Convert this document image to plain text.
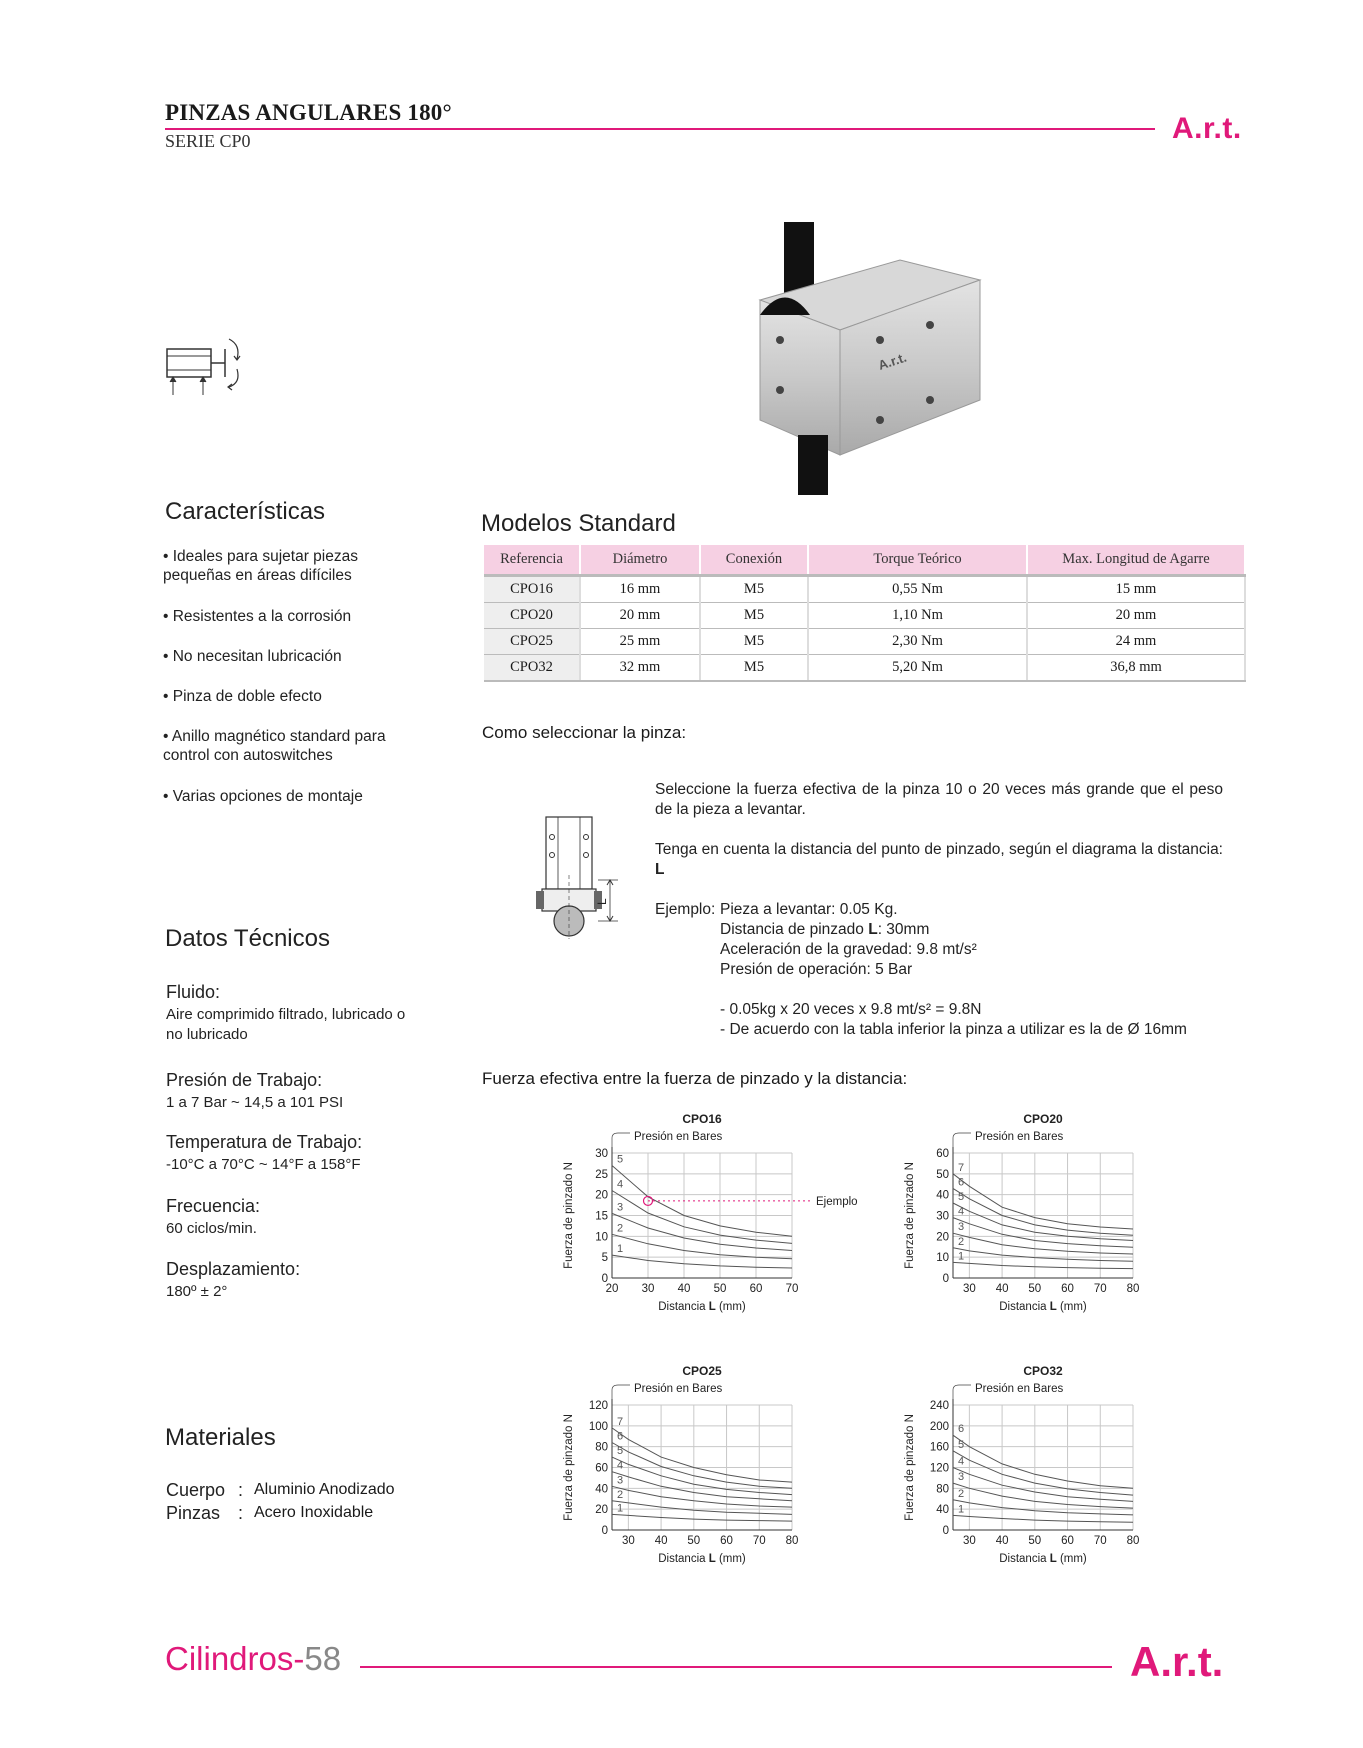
PINZAS ANGULARES 180°
SERIE CP0	A.r.t.
A.r.t.
Características
• Ideales para sujetar piezas pequeñas en áreas difíciles
• Resistentes a la corrosión
• No necesitan lubricación
• Pinza de doble efecto
• Anillo magnético standard para control con autoswitches
• Varias opciones de montaje
Datos Técnicos
Fluido:
Aire comprimido filtrado, lubricado o no lubricado
Presión de Trabajo:
1 a 7 Bar ~ 14,5 a 101 PSI
Temperatura de Trabajo:
-10°C a 70°C ~ 14°F a 158°F
Frecuencia:
60 ciclos/min.
Desplazamiento:
180º ± 2°
Materiales
Cuerpo : Aluminio Anodizado
Pinzas : Acero Inoxidable
Modelos Standard
Referencia	Diámetro	Conexión	Torque Teórico	Max. Longitud de Agarre
CPO16	16 mm	M5	0,55 Nm	15 mm
CPO20	20 mm	M5	1,10 Nm	20 mm
CPO25	25 mm	M5	2,30 Nm	24 mm
CPO32	32 mm	M5	5,20 Nm	36,8 mm
Como seleccionar la pinza:
L
Seleccione la fuerza efectiva de la pinza 10 o 20 veces más grande que el peso de la pieza a levantar.
Tenga en cuenta la distancia del punto de pinzado, según el diagrama la distancia: L
Ejemplo: Pieza a levantar: 0.05 Kg.
Distancia de pinzado L: 30mm
Aceleración de la gravedad: 9.8 mt/s²
Presión de operación: 5 Bar
- 0.05kg x 20 veces x 9.8 mt/s² = 9.8N
- De acuerdo con la tabla inferior la pinza a utilizar es la de Ø 16mm
Fuerza efectiva entre la fuerza de pinzado y la distancia:
CPO16
Presión en Bares
20 30 40 50 60 70
0
5
10
15
20
25
30
1
2
3
4
5
Ejemplo
Distancia L (mm)
Fuerza de pinzado N
CPO20
Presión en Bares
30 40 50 60 70 80
0
10
20
30
40
50
60
1
2
3
4
5
6
7
Distancia L (mm)
Fuerza de pinzado N
CPO25
Presión en Bares
30 40 50 60 70 80
0
20
40
60
80
100
120
1
2
3
4
5
6
7
Distancia L (mm)
Fuerza de pinzado N
CPO32
Presión en Bares
30 40 50 60 70 80
0
40
80
120
160
200
240
1
2
3
4
5
6
Distancia L (mm)
Fuerza de pinzado N
Cilindros-58	A.r.t.
